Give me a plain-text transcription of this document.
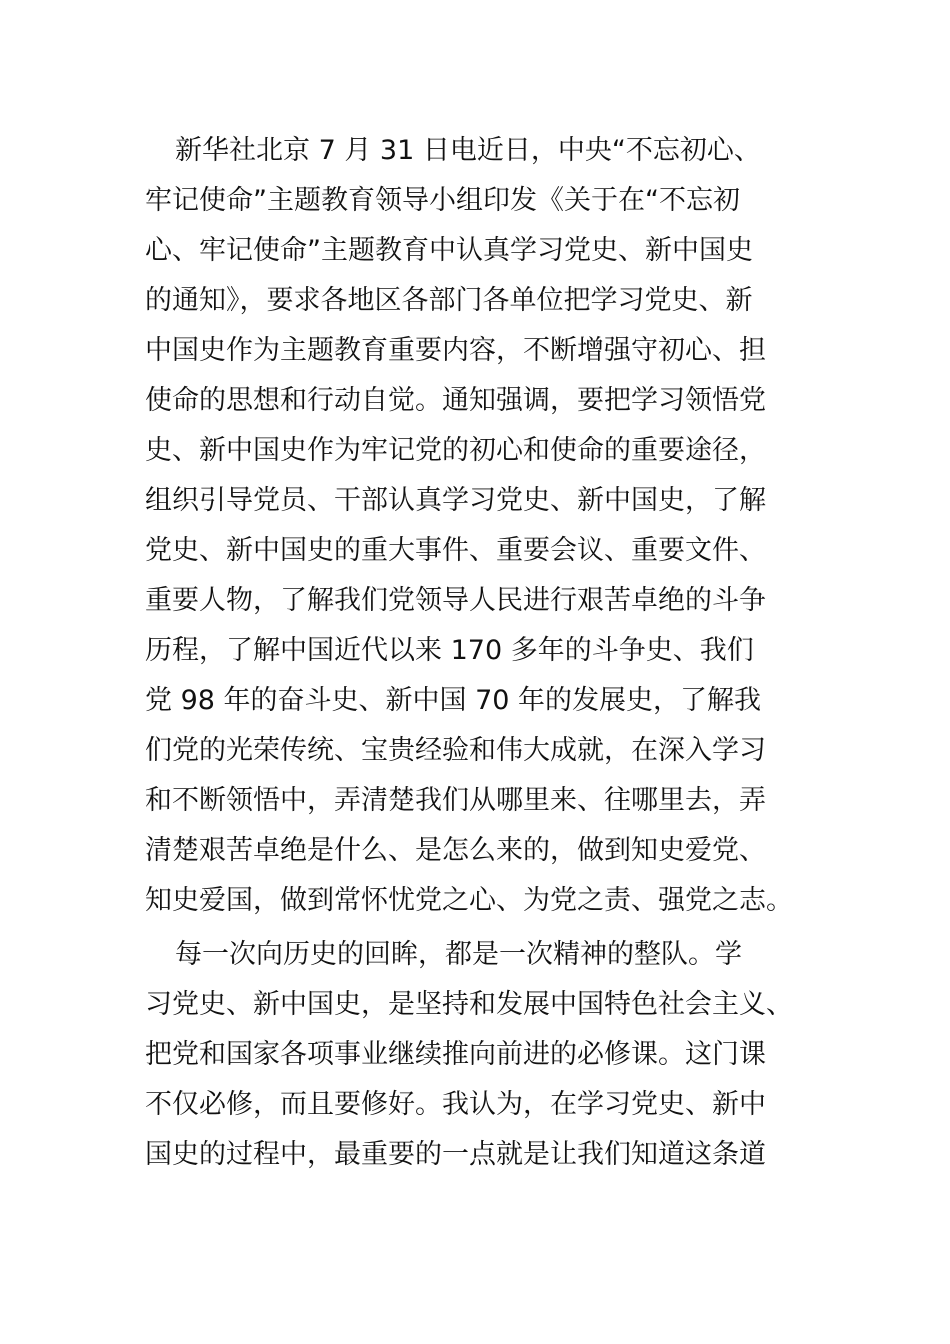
新华社北京 7 月 31 日电近日，中央“不忘初心、
牢记使命”主题教育领导小组印发《关于在“不忘初
心、牢记使命”主题教育中认真学习党史、新中国史
的通知》，要求各地区各部门各单位把学习党史、新
中国史作为主题教育重要内容，不断增强守初心、担
使命的思想和行动自觉。通知强调，要把学习领悟党
史、新中国史作为牢记党的初心和使命的重要途径，
组织引导党员、干部认真学习党史、新中国史，了解
党史、新中国史的重大事件、重要会议、重要文件、
重要人物，了解我们党领导人民进行艰苦卓绝的斗争
历程，了解中国近代以来 170 多年的斗争史、我们
党 98 年的奋斗史、新中国 70 年的发展史，了解我
们党的光荣传统、宝贵经验和伟大成就，在深入学习
和不断领悟中，弄清楚我们从哪里来、往哪里去，弄
清楚艰苦卓绝是什么、是怎么来的，做到知史爱党、
知史爱国，做到常怀忧党之心、为党之责、强党之志。
每一次向历史的回眸，都是一次精神的整队。学
习党史、新中国史，是坚持和发展中国特色社会主义、
把党和国家各项事业继续推向前进的必修课。这门课
不仅必修，而且要修好。我认为，在学习党史、新中
国史的过程中，最重要的一点就是让我们知道这条道
